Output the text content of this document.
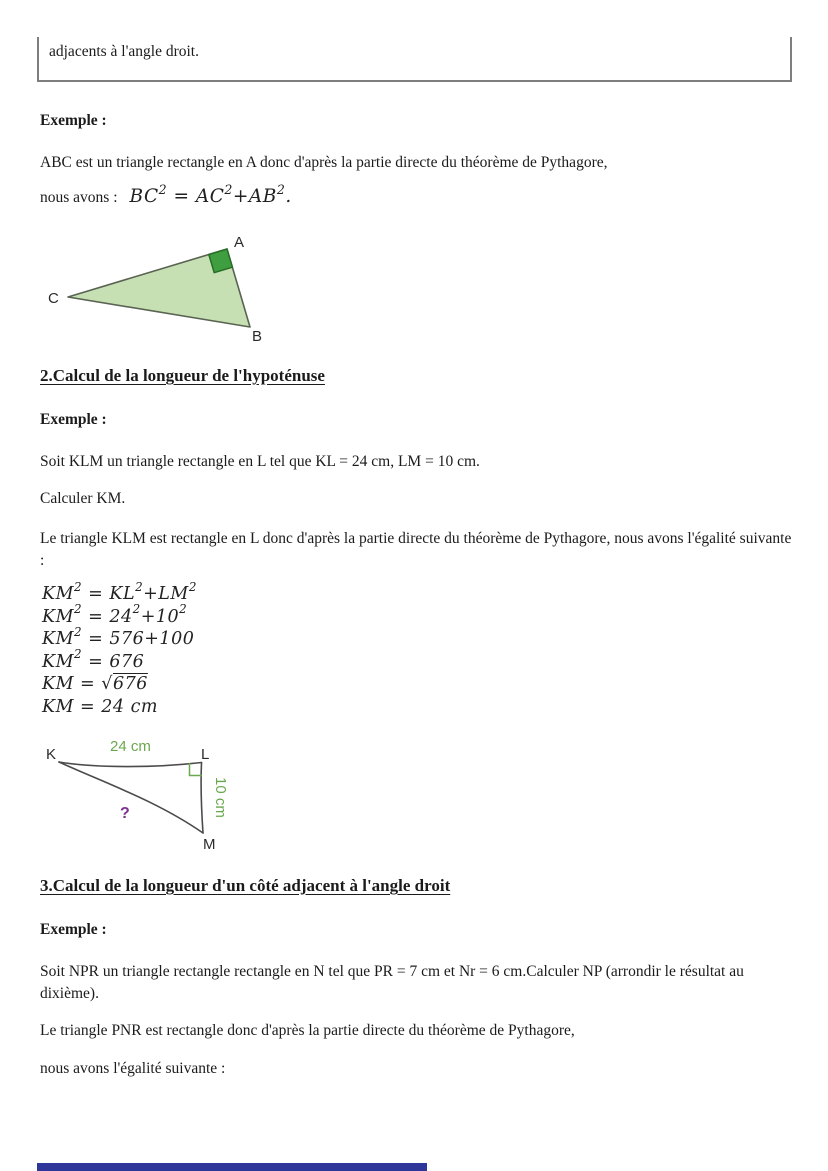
adjacents à l'angle droit.
Exemple :
ABC est un triangle rectangle en A donc d'après la partie directe du théorème de Pythagore,
nous avons : $BC^2 = AC^2+AB^2$.
A
B
C
2.Calcul de la longueur de l'hypoténuse
Exemple :
Soit KLM un triangle rectangle en L tel que KL = 24 cm, LM = 10 cm.
Calculer KM.
Le triangle KLM est rectangle en L donc d'après la partie directe du théorème de Pythagore, nous avons l'égalité suivante
:
$KM^2 = KL^2+LM^2$
$KM^2 = 24^2+10^2$
$KM^2 = 576+100$
$KM^2 = 676$
KM = √676
KM = 24 cm
K	L
M
24 cm
10 cm
?
3.Calcul de la longueur d'un côté adjacent à l'angle droit
Exemple :
Soit NPR un triangle rectangle rectangle en N tel que PR = 7 cm et Nr = 6 cm.Calculer NP (arrondir le résultat au dixième).
Le triangle PNR est rectangle donc d'après la partie directe du théorème de Pythagore,
nous avons l'égalité suivante :
